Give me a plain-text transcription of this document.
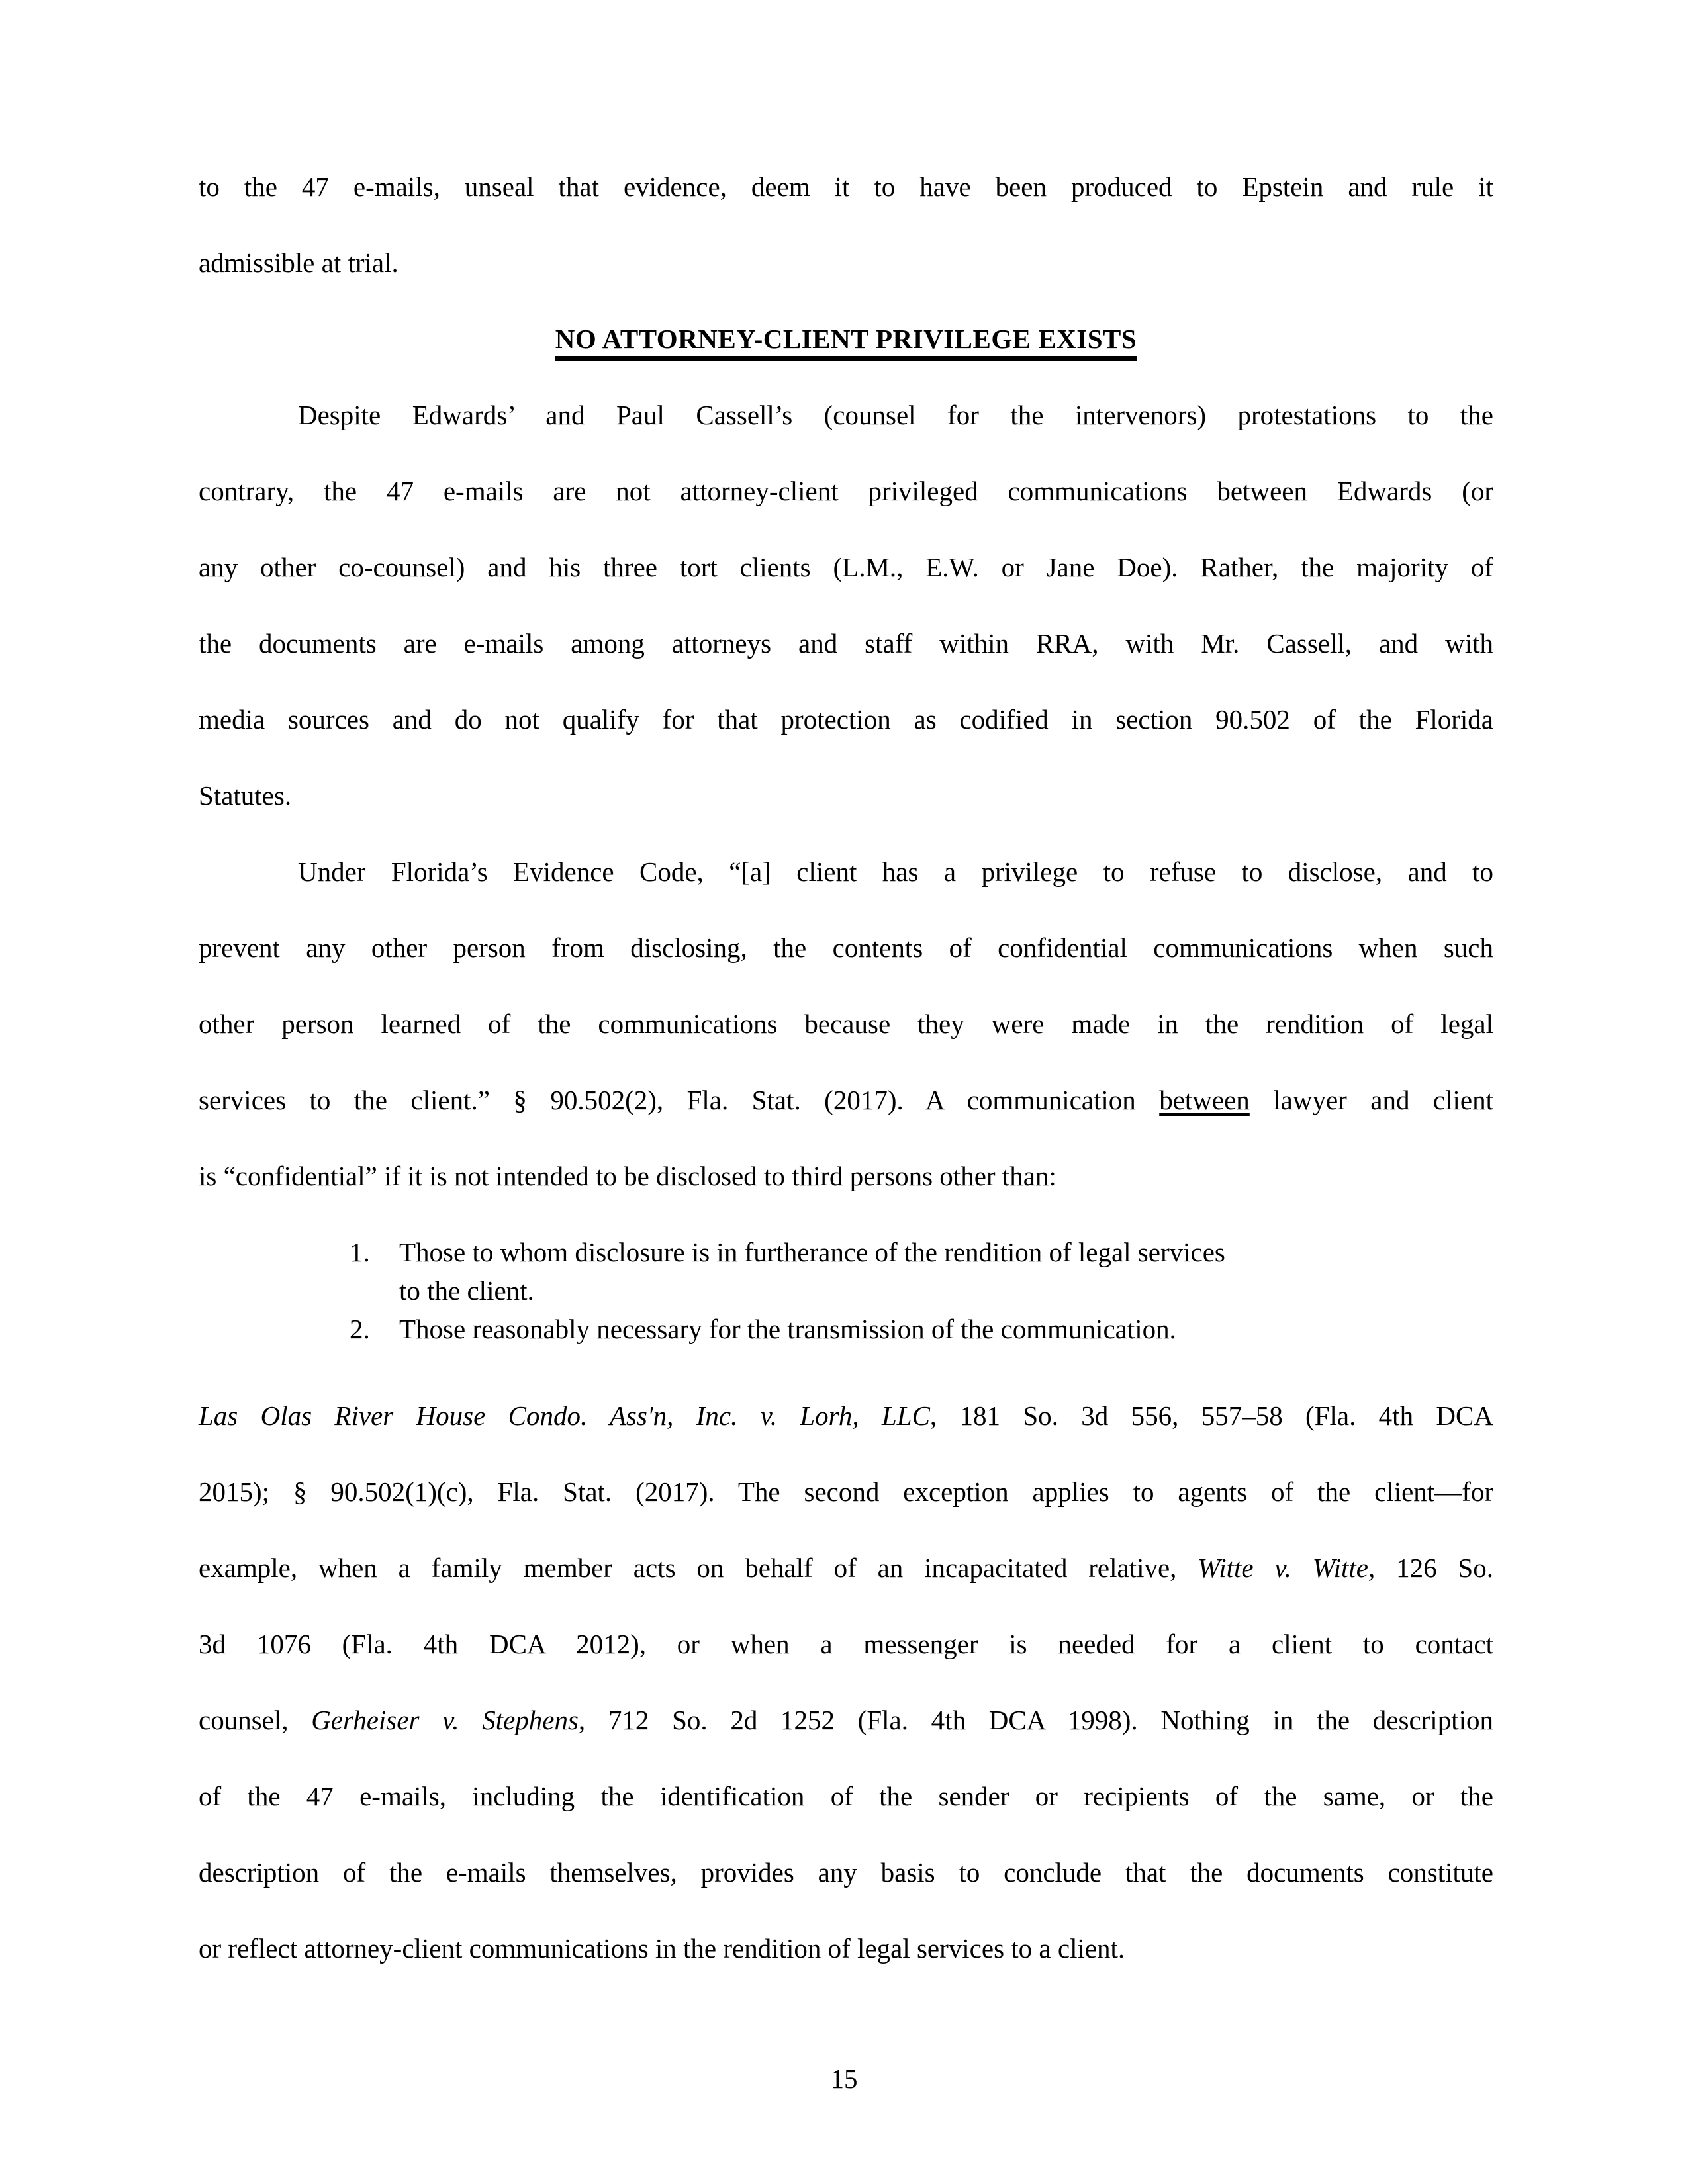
to the 47 e-mails, unseal that evidence, deem it to have been produced to Epstein and rule it
admissible at trial.
NO ATTORNEY-CLIENT PRIVILEGE EXISTS
Despite Edwards’ and Paul Cassell’s (counsel for the intervenors) protestations to the
contrary, the 47 e-mails are not attorney-client privileged communications between Edwards (or
any other co-counsel) and his three tort clients (L.M., E.W. or Jane Doe). Rather, the majority of
the documents are e-mails among attorneys and staff within RRA, with Mr. Cassell, and with
media sources and do not qualify for that protection as codified in section 90.502 of the Florida
Statutes.
Under Florida’s Evidence Code, “[a] client has a privilege to refuse to disclose, and to
prevent any other person from disclosing, the contents of confidential communications when such
other person learned of the communications because they were made in the rendition of legal
services to the client.” § 90.502(2), Fla. Stat. (2017). A communication between lawyer and client
is “confidential” if it is not intended to be disclosed to third persons other than:
1. Those to whom disclosure is in furtherance of the rendition of legal services
to the client.
2. Those reasonably necessary for the transmission of the communication.
Las Olas River House Condo. Ass'n, Inc. v. Lorh, LLC, 181 So. 3d 556, 557–58 (Fla. 4th DCA
2015); § 90.502(1)(c), Fla. Stat. (2017). The second exception applies to agents of the client—for
example, when a family member acts on behalf of an incapacitated relative, Witte v. Witte, 126 So.
3d 1076 (Fla. 4th DCA 2012), or when a messenger is needed for a client to contact
counsel, Gerheiser v. Stephens, 712 So. 2d 1252 (Fla. 4th DCA 1998). Nothing in the description
of the 47 e-mails, including the identification of the sender or recipients of the same, or the
description of the e-mails themselves, provides any basis to conclude that the documents constitute
or reflect attorney-client communications in the rendition of legal services to a client.
15
